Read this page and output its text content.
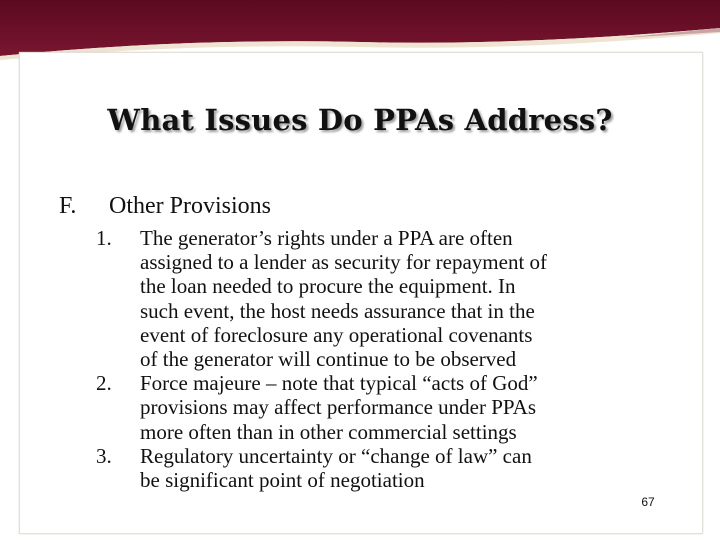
What Issues Do PPAs Address?
F. Other Provisions
1.	The generator’s rights under a PPA are often
assigned to a lender as security for repayment of
the loan needed to procure the equipment. In
such event, the host needs assurance that in the
event of foreclosure any operational covenants
of the generator will continue to be observed
2.	Force majeure – note that typical “acts of God”
provisions may affect performance under PPAs
more often than in other commercial settings
3.	Regulatory uncertainty or “change of law” can
be significant point of negotiation
67
